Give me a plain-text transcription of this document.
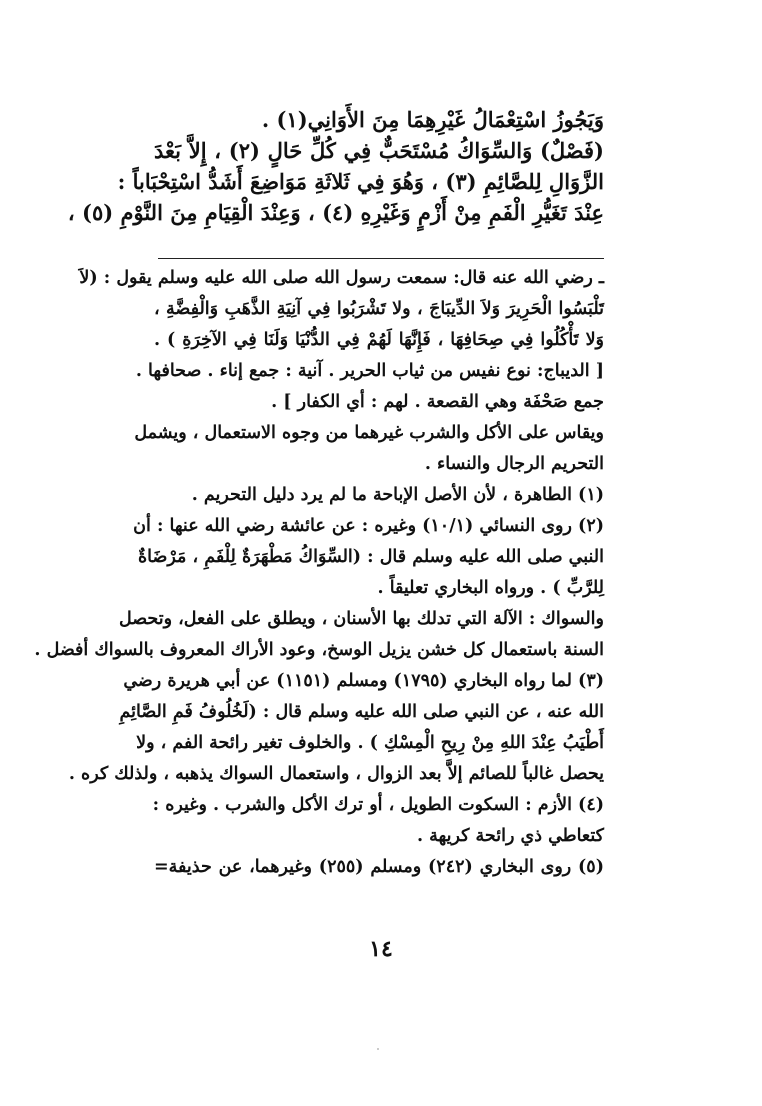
وَيَجُوزُ اسْتِعْمَالُ غَيْرِهِمَا مِنَ الأَوَانِي(١) .
(فَصْلٌ) وَالسِّوَاكُ مُسْتَحَبٌّ فِي كُلِّ حَالٍ (٢) ، إِلاَّ بَعْدَ
الزَّوَالِ لِلصَّائِمِ (٣) ، وَهُوَ فِي ثَلاثَةِ مَوَاضِعَ أَشَدُّ اسْتِحْبَاباً :
عِنْدَ تَغَيُّرِ الْفَمِ مِنْ أَزْمٍ وَغَيْرِهِ (٤) ، وَعِنْدَ الْقِيَامِ مِنَ النَّوْمِ (٥) ،
ـ رضي الله عنه قال: سمعت رسول الله صلى الله عليه وسلم يقول : (لاَ
تَلْبَسُوا الْحَرِيرَ وَلاَ الدِّيبَاجَ ، ولا تَشْرَبُوا فِي آنِيَةِ الذَّهَبِ وَالْفِضَّةِ ،
وَلا تَأْكُلُوا فِي صِحَافِهَا ، فَإِنَّهَا لَهُمْ فِي الدُّنْيَا وَلَنَا فِي الآخِرَةِ ) .
[ الديباج: نوع نفيس من ثياب الحرير . آنية : جمع إناء . صحافها .
جمع صَحْفَة وهي القصعة . لهم : أي الكفار ] .
ويقاس على الأكل والشرب غيرهما من وجوه الاستعمال ، ويشمل
التحريم الرجال والنساء .
(١) الطاهرة ، لأن الأصل الإباحة ما لم يرد دليل التحريم .
(٢) روى النسائي (١٠/١) وغيره : عن عائشة رضي الله عنها : أن
النبي صلى الله عليه وسلم قال : (السِّوَاكُ مَطْهَرَةٌ لِلْفَمِ ، مَرْضَاةٌ
لِلرَّبِّ ) . ورواه البخاري تعليقاً .
والسواك : الآلة التي تدلك بها الأسنان ، ويطلق على الفعل، وتحصل
السنة باستعمال كل خشن يزيل الوسخ، وعود الأراك المعروف بالسواك أفضل .
(٣) لما رواه البخاري (١٧٩٥) ومسلم (١١٥١) عن أبي هريرة رضي
الله عنه ، عن النبي صلى الله عليه وسلم قال : (لَخُلُوفُ فَمِ الصَّائِمِ
أَطْيَبُ عِنْدَ اللهِ مِنْ رِيحِ الْمِسْكِ ) . والخلوف تغير رائحة الفم ، ولا
يحصل غالباً للصائم إلاَّ بعد الزوال ، واستعمال السواك يذهبه ، ولذلك كره .
(٤) الأزم : السكوت الطويل ، أو ترك الأكل والشرب . وغيره :
كتعاطي ذي رائحة كريهة .
(٥) روى البخاري (٢٤٢) ومسلم (٢٥٥) وغيرهما، عن حذيفة=
١٤
